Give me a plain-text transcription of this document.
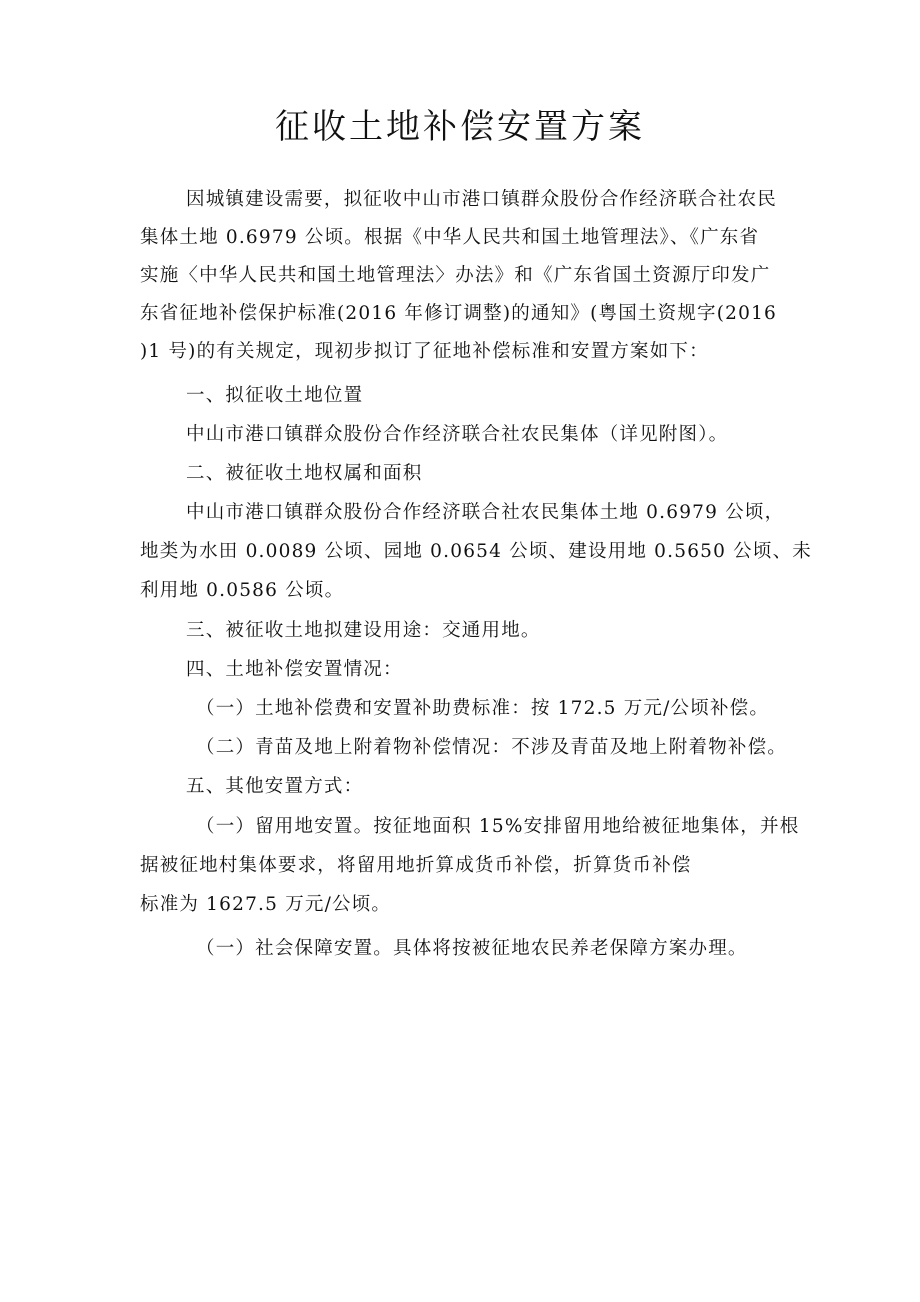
征收土地补偿安置方案

因城镇建设需要，拟征收中山市港口镇群众股份合作经济联合社农民

集体土地 0.6979 公顷。根据《中华人民共和国土地管理法》、《广东省

实施〈中华人民共和国土地管理法〉办法》和《广东省国土资源厅印发广

东省征地补偿保护标准(2016 年修订调整)的通知》(粤国土资规字(2016

)1 号)的有关规定，现初步拟订了征地补偿标准和安置方案如下：

一、拟征收土地位置

中山市港口镇群众股份合作经济联合社农民集体（详见附图）。

二、被征收土地权属和面积

中山市港口镇群众股份合作经济联合社农民集体土地 0.6979 公顷，

地类为水田 0.0089 公顷、园地 0.0654 公顷、建设用地 0.5650 公顷、未

利用地 0.0586 公顷。

三、被征收土地拟建设用途：交通用地。

四、土地补偿安置情况：

（一）土地补偿费和安置补助费标准：按 172.5 万元/公顷补偿。

（二）青苗及地上附着物补偿情况：不涉及青苗及地上附着物补偿。

五、其他安置方式：

（一）留用地安置。按征地面积 15%安排留用地给被征地集体，并根

据被征地村集体要求，将留用地折算成货币补偿，折算货币补偿

标准为 1627.5 万元/公顷。

（一）社会保障安置。具体将按被征地农民养老保障方案办理。
